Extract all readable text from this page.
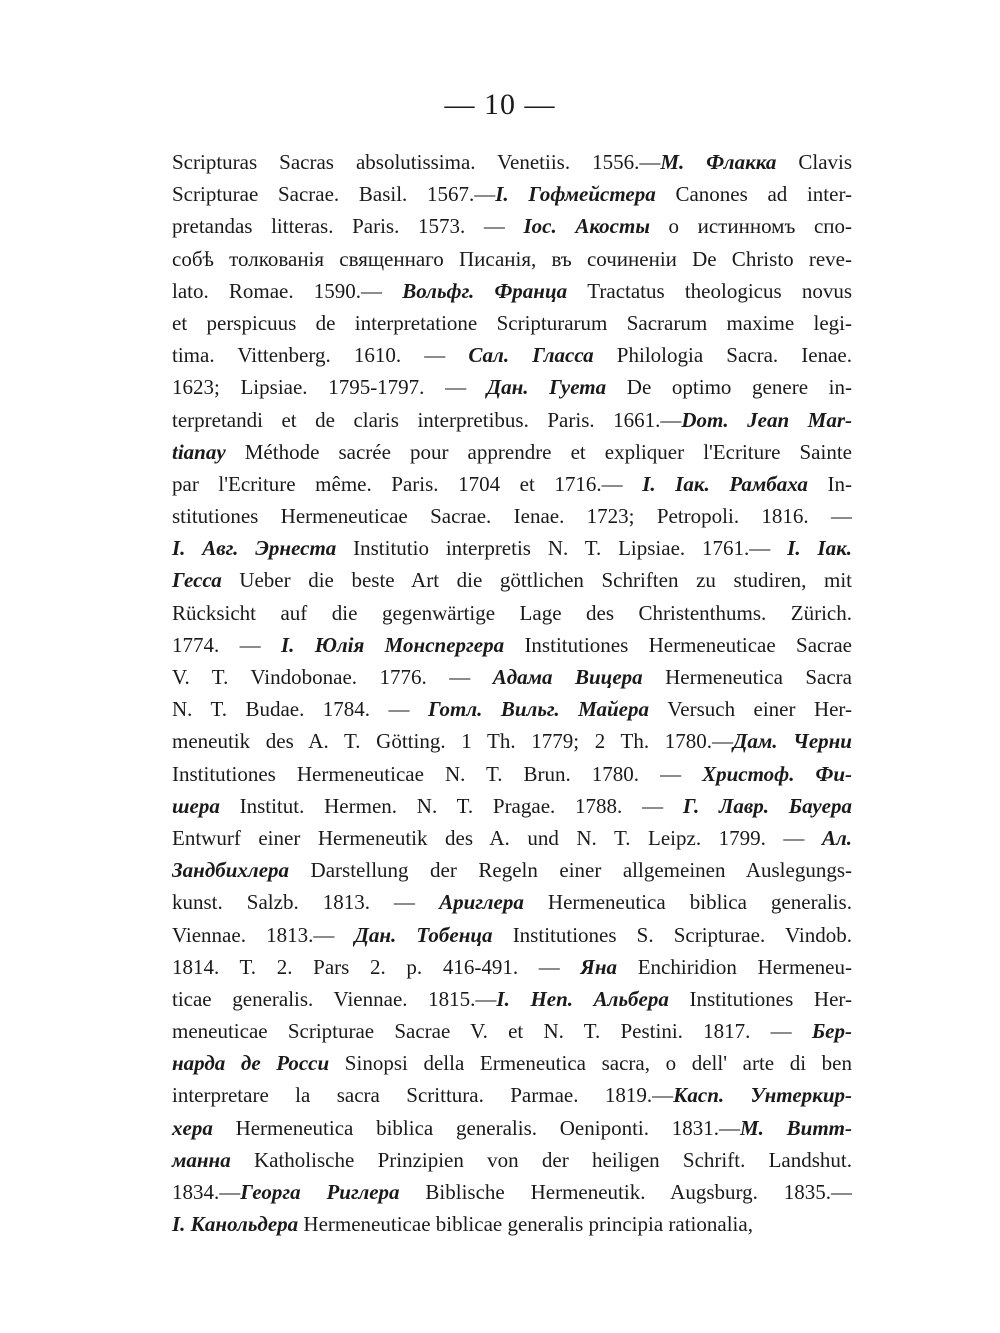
— 10 —
Scripturas Sacras absolutissima. Venetiis. 1556.—M. Флакка Clavis
Scripturae Sacrae. Basil. 1567.—I. Гофмейстера Canones ad inter-
pretandas litteras. Paris. 1573. — Іос. Акосты о истинномъ спо-
собѣ толкованія священнаго Писанія, въ сочиненіи De Christo reve-
lato. Romae. 1590.— Вольфг. Франца Tractatus theologicus novus
et perspicuus de interpretatione Scripturarum Sacrarum maxime legi-
tima. Vittenberg. 1610. — Сал. Гласса Philologia Sacra. Ienae.
1623; Lipsiae. 1795-1797. — Дан. Гуета De optimo genere in-
terpretandi et de claris interpretibus. Paris. 1661.—Dom. Jean Mar-
tianay Méthode sacrée pour apprendre et expliquer l'Ecriture Sainte
par l'Ecriture même. Paris. 1704 et 1716.— I. Iак. Рамбаха In-
stitutiones Hermeneuticae Sacrae. Ienae. 1723; Petropoli. 1816. —
I. Авг. Эрнеста Institutio interpretis N. T. Lipsiae. 1761.— I. Iак.
Гесса Ueber die beste Art die göttlichen Schriften zu studiren, mit
Rücksicht auf die gegenwärtige Lage des Christenthums. Zürich.
1774. — I. Юлія Монспергера Institutiones Hermeneuticae Sacrae
V. T. Vindobonae. 1776. — Адама Вицера Hermeneutica Sacra
N. T. Budae. 1784. — Готл. Вильг. Майера Versuch einer Her-
meneutik des A. T. Götting. 1 Th. 1779; 2 Th. 1780.—Дам. Черни
Institutiones Hermeneuticae N. T. Brun. 1780. — Христоф. Фи-
шера Institut. Hermen. N. T. Pragae. 1788. — Г. Лавр. Бауера
Entwurf einer Hermeneutik des A. und N. T. Leipz. 1799. — Ал.
Зандбихлера Darstellung der Regeln einer allgemeinen Auslegungs-
kunst. Salzb. 1813. — Ариглера Hermeneutica biblica generalis.
Viennae. 1813.— Дан. Тобенца Institutiones S. Scripturae. Vindob.
1814. T. 2. Pars 2. p. 416-491. — Яна Enchiridion Hermeneu-
ticae generalis. Viennae. 1815.—I. Неп. Альбера Institutiones Her-
meneuticae Scripturae Sacrae V. et N. T. Pestini. 1817. — Бер-
нарда де Росси Sinopsi della Ermeneutica sacra, o dell' arte di ben
interpretare la sacra Scrittura. Parmae. 1819.—Касп. Унтеркир-
хера Hermeneutica biblica generalis. Oeniponti. 1831.—М. Витт-
манна Katholische Prinzipien von der heiligen Schrift. Landshut.
1834.—Георга Риглера Biblische Hermeneutik. Augsburg. 1835.—
I. Канольдера Hermeneuticae biblicae generalis principia rationalia,
